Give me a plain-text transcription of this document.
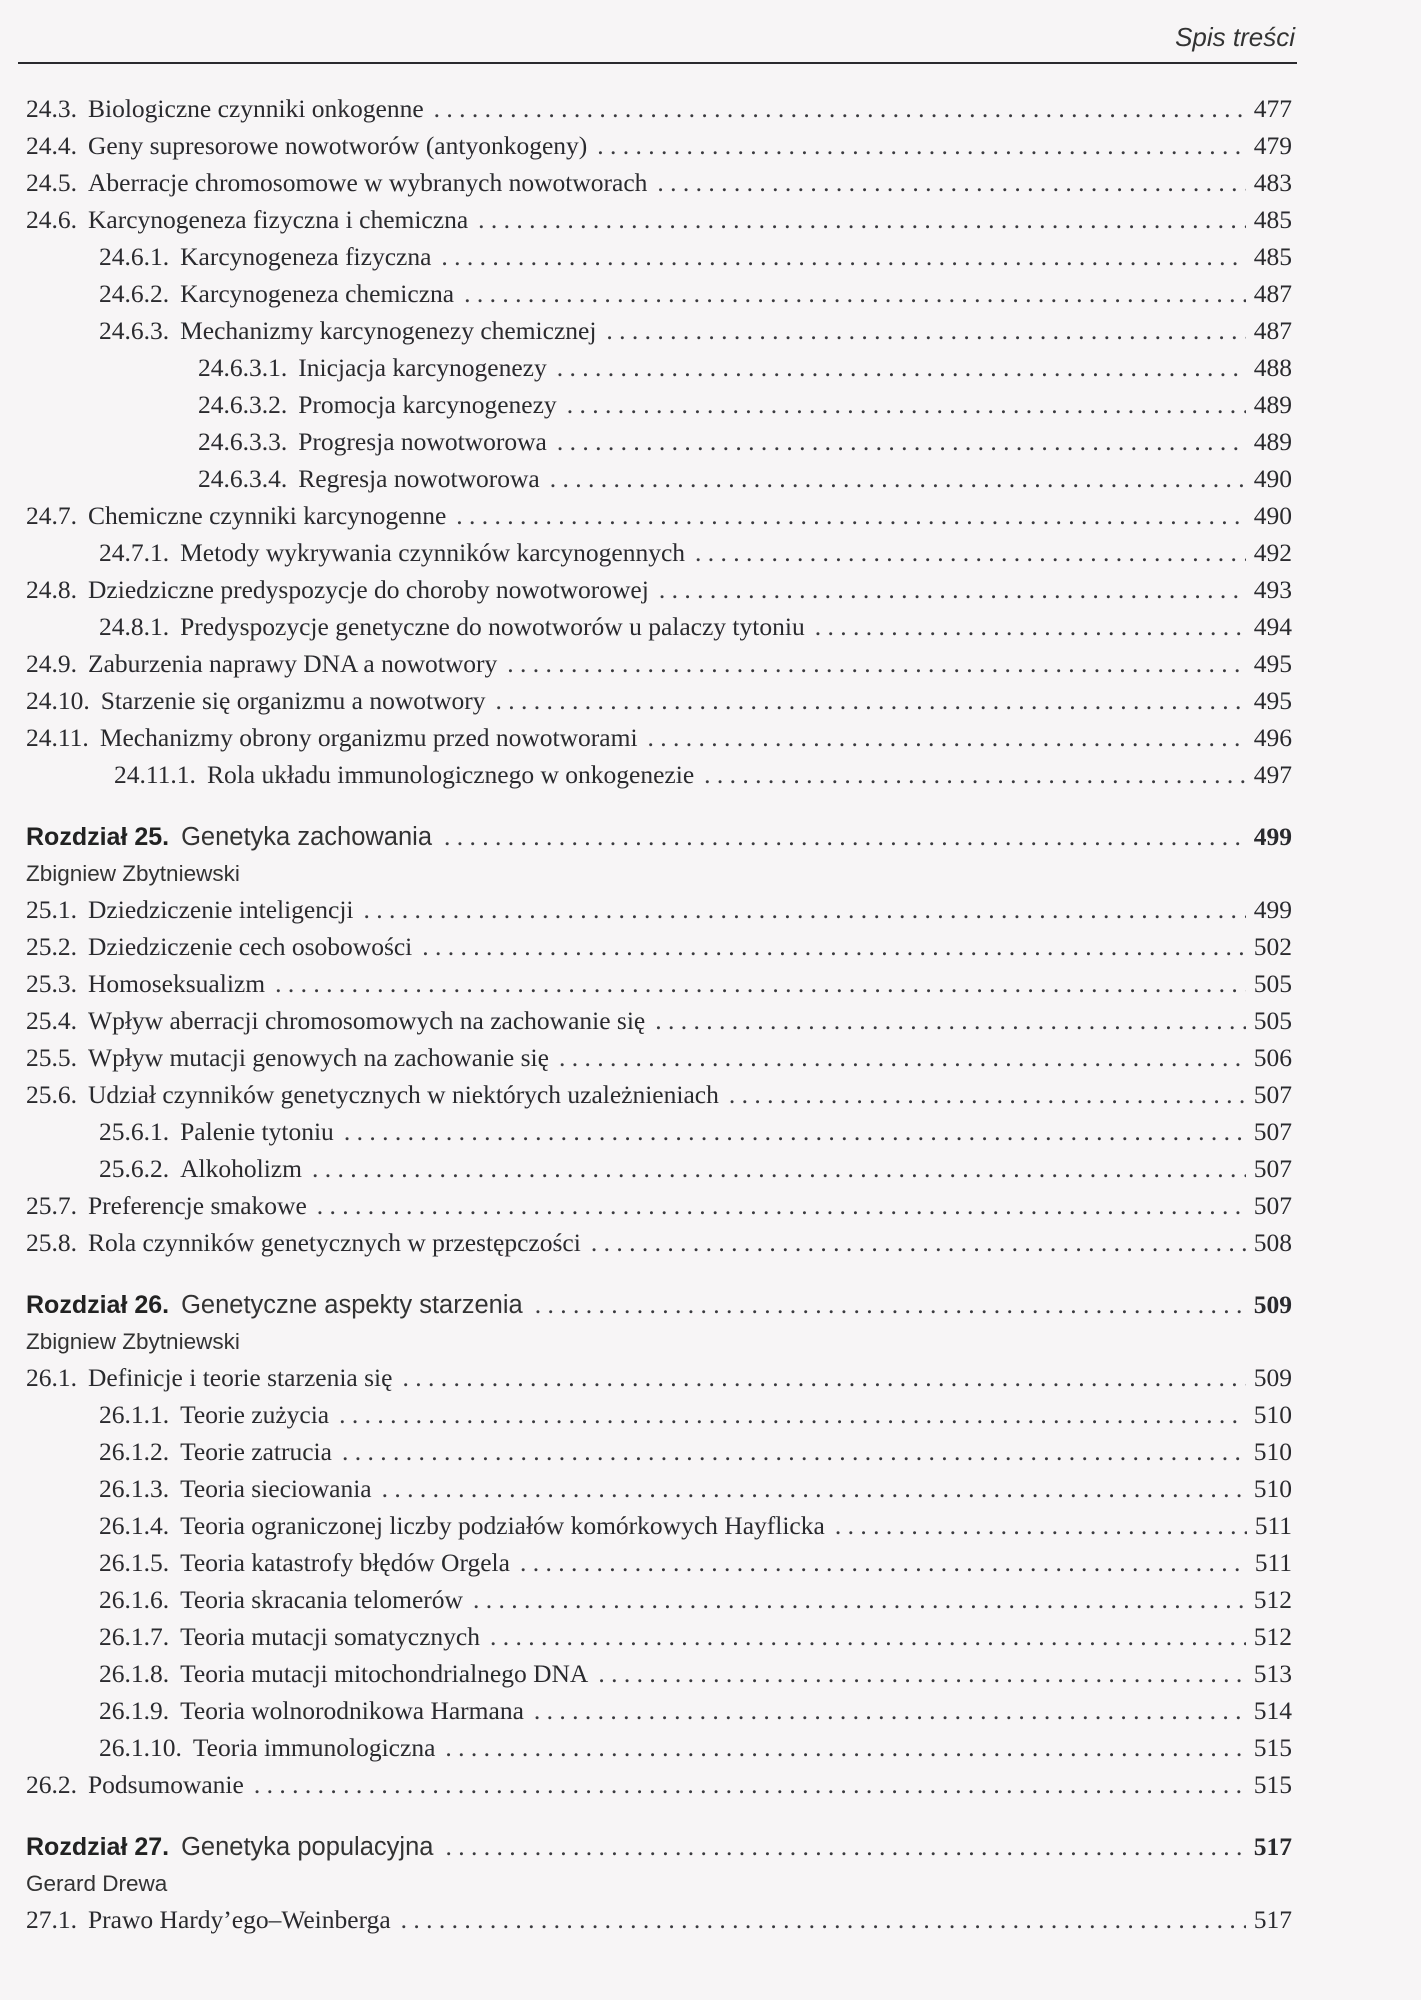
Spis treści
24.3. Biologiczne czynniki onkogenne . . .	477
24.4. Geny supresorowe nowotworów (antyonkogeny) . . .	479
24.5. Aberracje chromosomowe w wybranych nowotworach . . .	483
24.6. Karcynogeneza fizyczna i chemiczna . . .	485
24.6.1. Karcynogeneza fizyczna . . .	485
24.6.2. Karcynogeneza chemiczna . . .	487
24.6.3. Mechanizmy karcynogenezy chemicznej . . .	487
24.6.3.1. Inicjacja karcynogenezy . . .	488
24.6.3.2. Promocja karcynogenezy . . .	489
24.6.3.3. Progresja nowotworowa . . .	489
24.6.3.4. Regresja nowotworowa . . .	490
24.7. Chemiczne czynniki karcynogenne . . .	490
24.7.1. Metody wykrywania czynników karcynogennych . . .	492
24.8. Dziedziczne predyspozycje do choroby nowotworowej . . .	493
24.8.1. Predyspozycje genetyczne do nowotworów u palaczy tytoniu . . .	494
24.9. Zaburzenia naprawy DNA a nowotwory . . .	495
24.10. Starzenie się organizmu a nowotwory . . .	495
24.11. Mechanizmy obrony organizmu przed nowotworami . . .	496
24.11.1. Rola układu immunologicznego w onkogenezie . . .	497
Rozdział 25. Genetyka zachowania . . .	499
Zbigniew Zbytniewski
25.1. Dziedziczenie inteligencji . . .	499
25.2. Dziedziczenie cech osobowości . . .	502
25.3. Homoseksualizm . . .	505
25.4. Wpływ aberracji chromosomowych na zachowanie się . . .	505
25.5. Wpływ mutacji genowych na zachowanie się . . .	506
25.6. Udział czynników genetycznych w niektórych uzależnieniach . . .	507
25.6.1. Palenie tytoniu . . .	507
25.6.2. Alkoholizm . . .	507
25.7. Preferencje smakowe . . .	507
25.8. Rola czynników genetycznych w przestępczości . . .	508
Rozdział 26. Genetyczne aspekty starzenia . . .	509
Zbigniew Zbytniewski
26.1. Definicje i teorie starzenia się . . .	509
26.1.1. Teorie zużycia . . .	510
26.1.2. Teorie zatrucia . . .	510
26.1.3. Teoria sieciowania . . .	510
26.1.4. Teoria ograniczonej liczby podziałów komórkowych Hayflicka . . .	511
26.1.5. Teoria katastrofy błędów Orgela . . .	511
26.1.6. Teoria skracania telomerów . . .	512
26.1.7. Teoria mutacji somatycznych . . .	512
26.1.8. Teoria mutacji mitochondrialnego DNA . . .	513
26.1.9. Teoria wolnorodnikowa Harmana . . .	514
26.1.10. Teoria immunologiczna . . .	515
26.2. Podsumowanie . . .	515
Rozdział 27. Genetyka populacyjna . . .	517
Gerard Drewa
27.1. Prawo Hardy’ego–Weinberga . . .	517
